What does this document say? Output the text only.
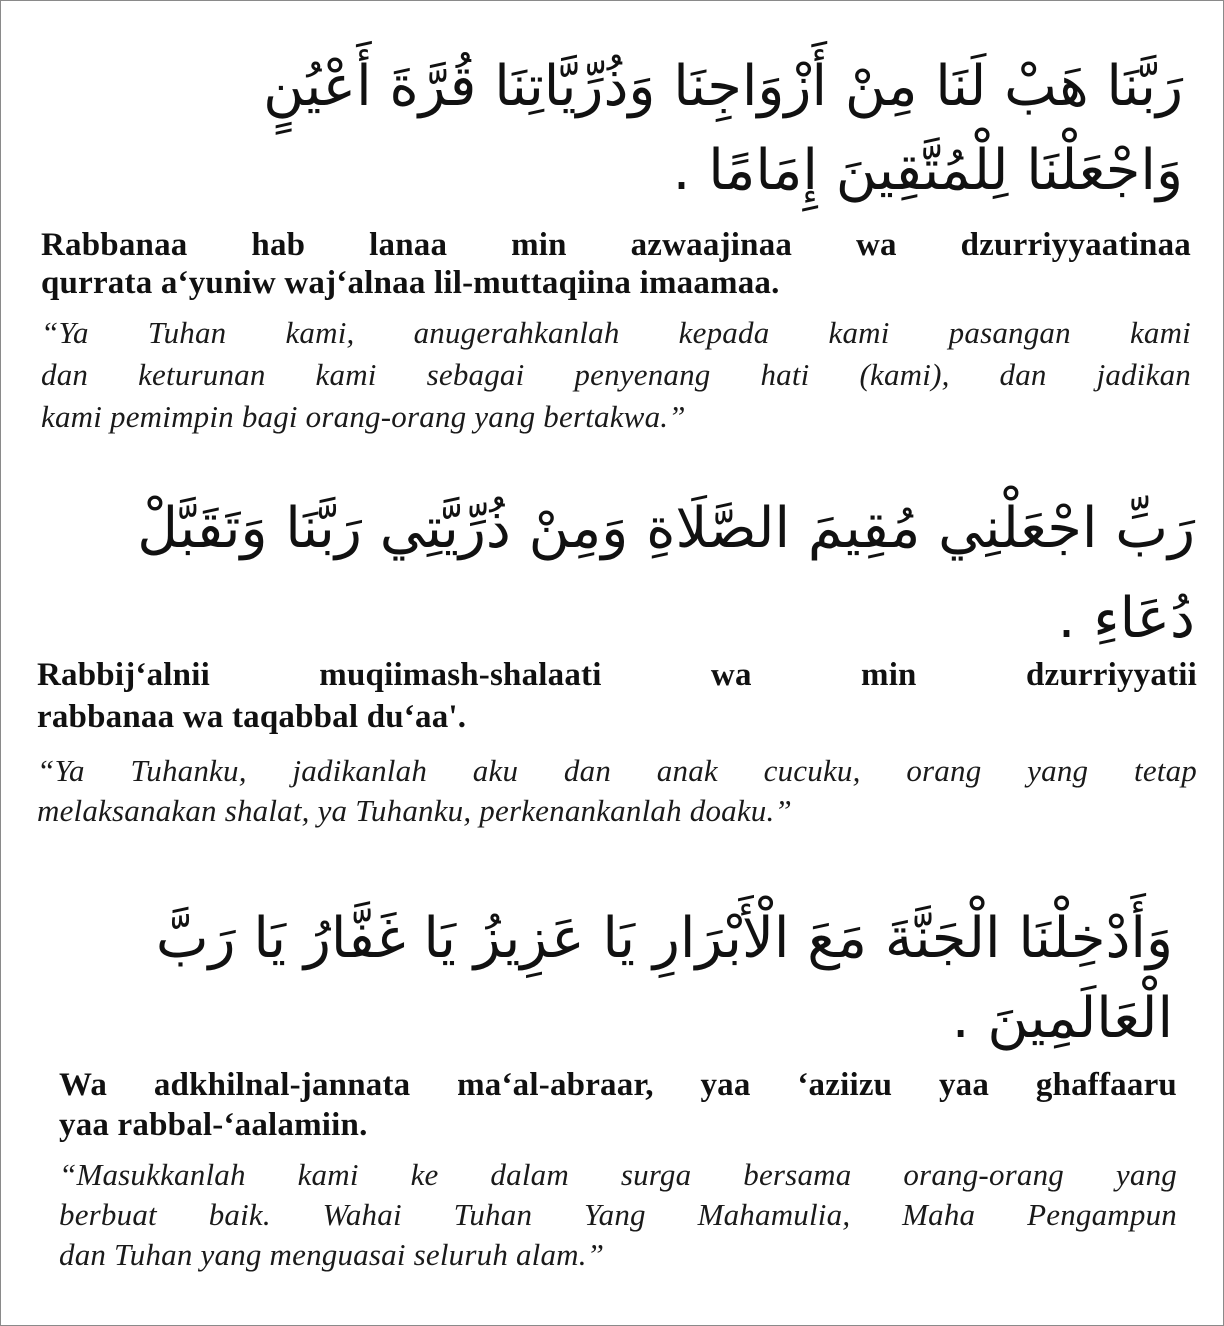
رَبَّنَا هَبْ لَنَا مِنْ أَزْوَاجِنَا وَذُرِّيَّاتِنَا قُرَّةَ أَعْيُنٍ
وَاجْعَلْنَا لِلْمُتَّقِينَ إِمَامًا .
Rabbanaa hab lanaa min azwaajinaa wa dzurriyyaatinaa
qurrata a‘yuniw waj‘alnaa lil-muttaqiina imaamaa.
“Ya Tuhan kami, anugerahkanlah kepada kami pasangan kami
dan keturunan kami sebagai penyenang hati (kami), dan jadikan
kami pemimpin bagi orang-orang yang bertakwa.”
رَبِّ اجْعَلْنِي مُقِيمَ الصَّلَاةِ وَمِنْ ذُرِّيَّتِي رَبَّنَا وَتَقَبَّلْ
دُعَاءِ .
Rabbij‘alnii muqiimash-shalaati wa min dzurriyyatii
rabbanaa wa taqabbal du‘aa'.
“Ya Tuhanku, jadikanlah aku dan anak cucuku, orang yang tetap
melaksanakan shalat, ya Tuhanku, perkenankanlah doaku.”
وَأَدْخِلْنَا الْجَنَّةَ مَعَ الْأَبْرَارِ يَا عَزِيزُ يَا غَفَّارُ يَا رَبَّ
الْعَالَمِينَ .
Wa adkhilnal-jannata ma‘al-abraar, yaa ‘aziizu yaa ghaffaaru
yaa rabbal-‘aalamiin.
“Masukkanlah kami ke dalam surga bersama orang-orang yang
berbuat baik. Wahai Tuhan Yang Mahamulia, Maha Pengampun
dan Tuhan yang menguasai seluruh alam.”
